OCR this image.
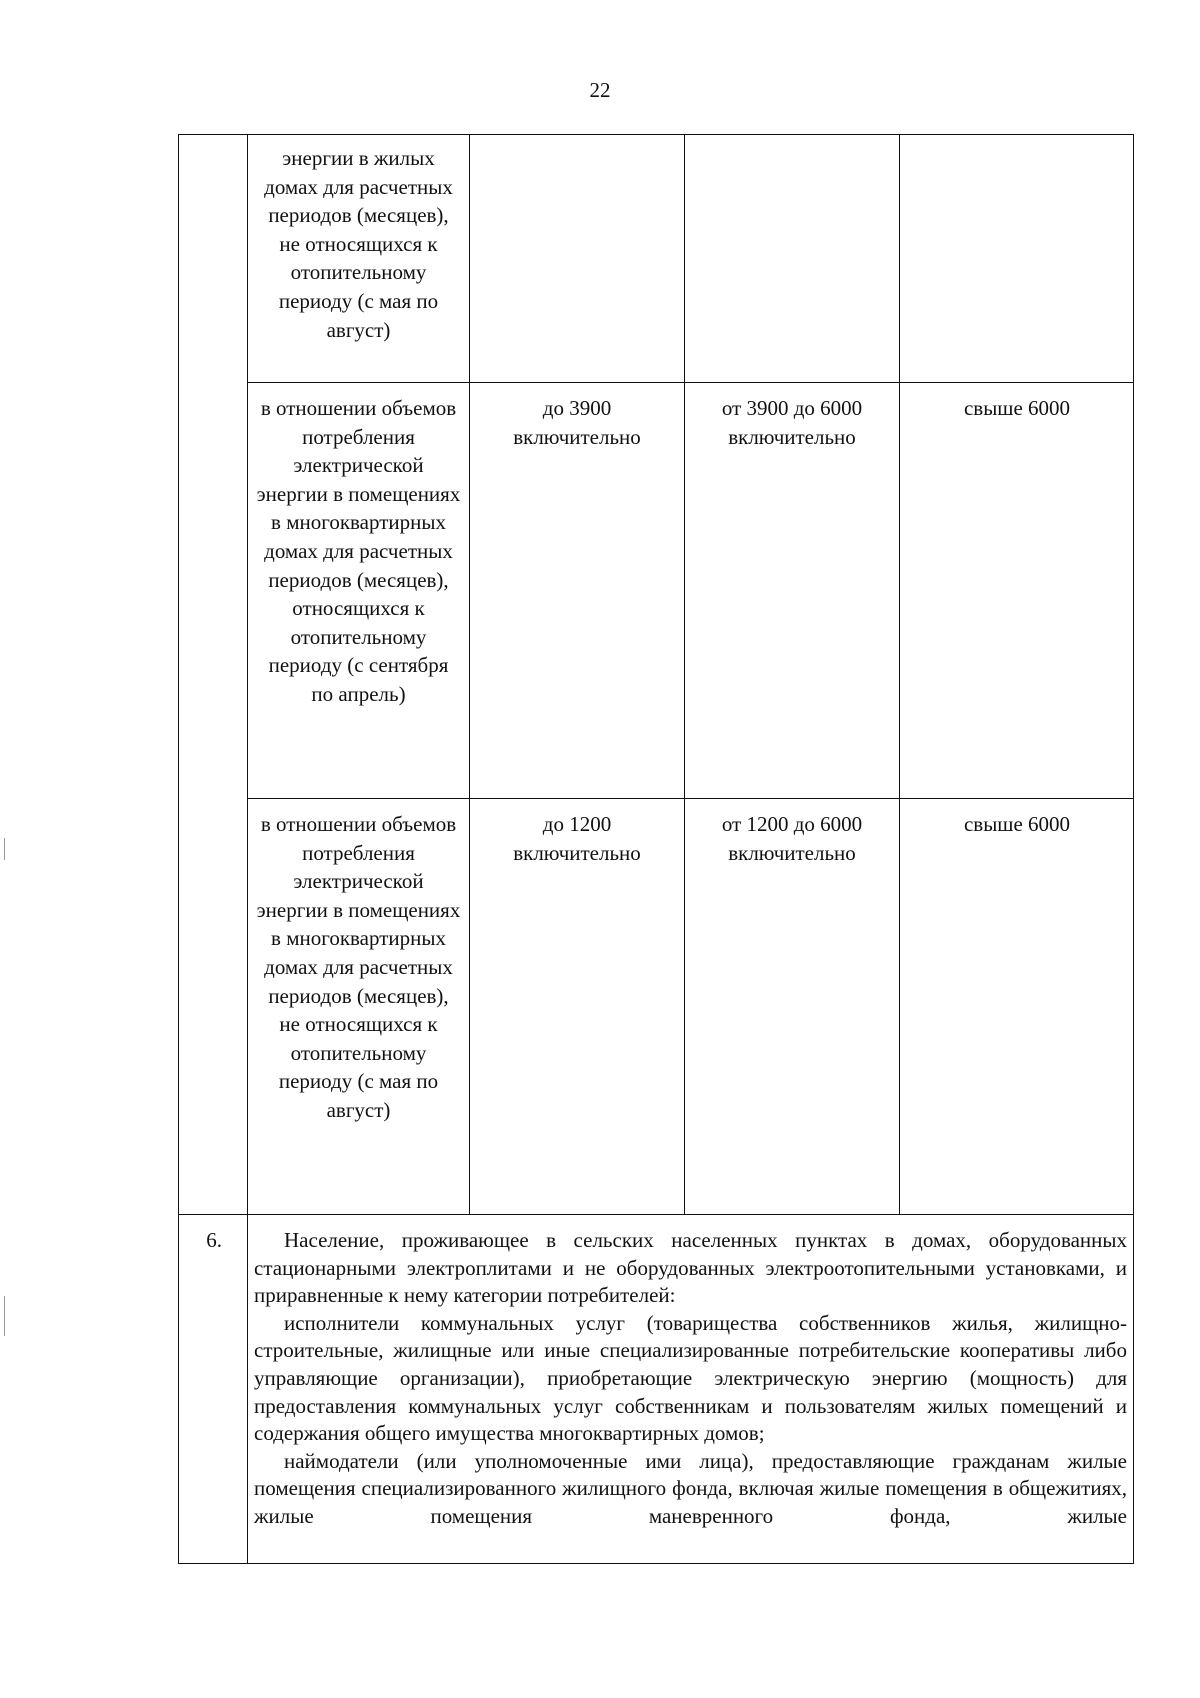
22
энергии в жилых домах для расчетных периодов (месяцев), не относящихся к отопительному периоду (с мая по август)
в отношении объемов потребления электрической энергии в помещениях в многоквартирных домах для расчетных периодов (месяцев), относящихся к отопительному периоду (с сентября по апрель)
до 3900 включительно
от 3900 до 6000 включительно
свыше 6000
в отношении объемов потребления электрической энергии в помещениях в многоквартирных домах для расчетных периодов (месяцев), не относящихся к отопительному периоду (с мая по август)
до 1200 включительно
от 1200 до 6000 включительно
свыше 6000
6.	Население, проживающее в сельских населенных пунктах в домах, оборудованных стационарными электроплитами и не оборудованных электроотопительными установками, и приравненные к нему категории потребителей:

исполнители коммунальных услуг (товарищества собственников жилья, жилищно-строительные, жилищные или иные специализированные потребительские кооперативы либо управляющие организации), приобретающие электрическую энергию (мощность) для предоставления коммунальных услуг собственникам и пользователям жилых помещений и содержания общего имущества многоквартирных домов;

наймодатели (или уполномоченные ими лица), предоставляющие гражданам жилые помещения специализированного жилищного фонда, включая жилые помещения в общежитиях, жилые помещения маневренного фонда, жилые
